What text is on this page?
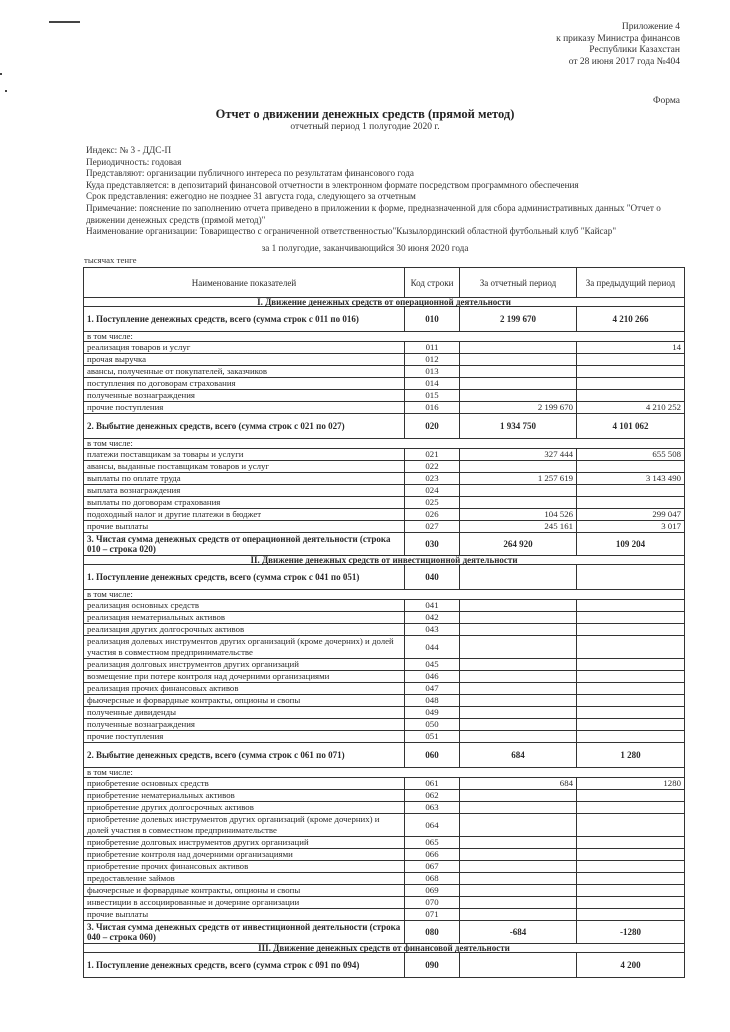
Приложение 4
к приказу Министра финансов
Республики Казахстан
от 28 июня 2017 года №404
Форма
Отчет о движении денежных средств (прямой метод)
отчетный период 1 полугодие 2020 г.
Индекс: № 3 - ДДС-П
Периодичность: годовая
Представляют: организации публичного интереса по результатам финансового года
Куда представляется: в депозитарий финансовой отчетности в электронном формате посредством программного обеспечения
Срок представления: ежегодно не позднее 31 августа года, следующего за отчетным
Примечание: пояснение по заполнению отчета приведено в приложении к форме, предназначенной для сбора административных данных "Отчет о движении денежных средств (прямой метод)"
Наименование организации: Товарищество с ограниченной ответственностью"Кызылординский областной футбольный клуб "Кайсар"
за 1 полугодие, заканчивающийся 30 июня 2020 года
тысячах тенге
Наименование показателей	Код строки	За отчетный период	За предыдущий период
I. Движение денежных средств от операционной деятельности			
1. Поступление денежных средств, всего (сумма строк с 011 по 016)	010	2 199 670	4 210 266
в том числе:			
реализация товаров и услуг	011		14
прочая выручка	012		
авансы, полученные от покупателей, заказчиков	013		
поступления по договорам страхования	014		
полученные вознаграждения	015		
прочие поступления	016	2 199 670	4 210 252
2. Выбытие денежных средств, всего (сумма строк с 021 по 027)	020	1 934 750	4 101 062
в том числе:			
платежи поставщикам за товары и услуги	021	327 444	655 508
авансы, выданные поставщикам товаров и услуг	022		
выплаты по оплате труда	023	1 257 619	3 143 490
выплата вознаграждения	024		
выплаты по договорам страхования	025		
подоходный налог и другие платежи в бюджет	026	104 526	299 047
прочие выплаты	027	245 161	3 017
3. Чистая сумма денежных средств от операционной деятельности (строка 010 – строка 020)	030	264 920	109 204
II. Движение денежных средств от инвестиционной деятельности			
1. Поступление денежных средств, всего (сумма строк с 041 по 051)	040		
в том числе:			
реализация основных средств	041		
реализация нематериальных активов	042		
реализация других долгосрочных активов	043		
реализация долевых инструментов других организаций (кроме дочерних) и долей участия в совместном предпринимательстве	044		
реализация долговых инструментов других организаций	045		
возмещение при потере контроля над дочерними организациями	046		
реализация прочих финансовых активов	047		
фьючерсные и форвардные контракты, опционы и свопы	048		
полученные дивиденды	049		
полученные вознаграждения	050		
прочие поступления	051		
2. Выбытие денежных средств, всего (сумма строк с 061 по 071)	060	684	1 280
в том числе:			
приобретение основных средств	061	684	1280
приобретение нематериальных активов	062		
приобретение других долгосрочных активов	063		
приобретение долевых инструментов других организаций (кроме дочерних) и долей участия в совместном предпринимательстве	064		
приобретение долговых инструментов других организаций	065		
приобретение контроля над дочерними организациями	066		
приобретение прочих финансовых активов	067		
предоставление займов	068		
фьючерсные и форвардные контракты, опционы и свопы	069		
инвестиции в ассоциированные и дочерние организации	070		
прочие выплаты	071		
3. Чистая сумма денежных средств от инвестиционной деятельности (строка 040 – строка 060)	080	-684	-1280
III. Движение денежных средств от финансовой деятельности			
1. Поступление денежных средств, всего (сумма строк с 091 по 094)	090		4 200
